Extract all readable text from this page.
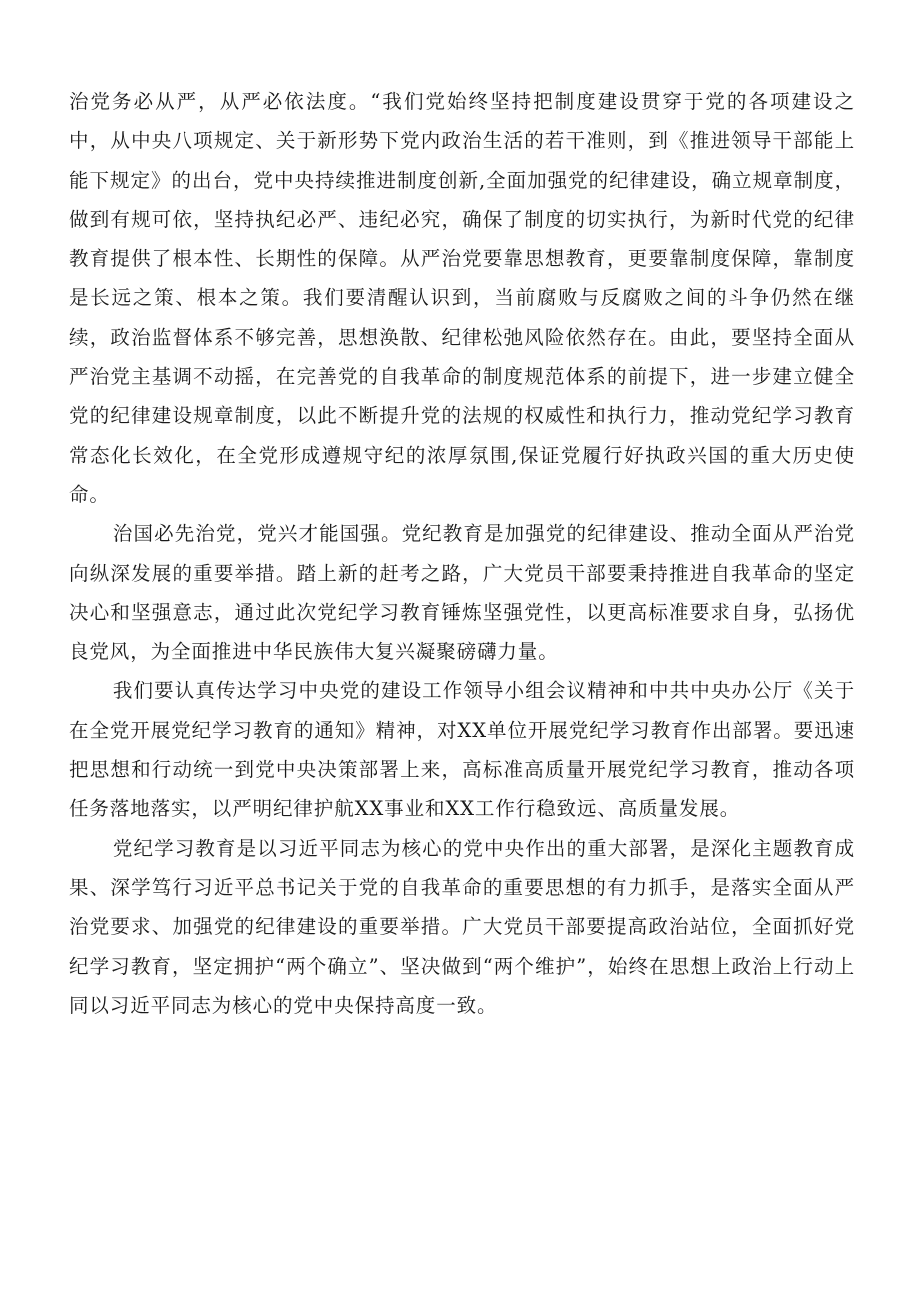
治党务必从严，从严必依法度。“我们党始终坚持把制度建设贯穿于党的各项建设之中，从中央八项规定、关于新形势下党内政治生活的若干准则，到《推进领导干部能上能下规定》的出台，党中央持续推进制度创新,全面加强党的纪律建设，确立规章制度，做到有规可依，坚持执纪必严、违纪必究，确保了制度的切实执行，为新时代党的纪律教育提供了根本性、长期性的保障。从严治党要靠思想教育，更要靠制度保障，靠制度是长远之策、根本之策。我们要清醒认识到，当前腐败与反腐败之间的斗争仍然在继续，政治监督体系不够完善，思想涣散、纪律松弛风险依然存在。由此，要坚持全面从严治党主基调不动摇，在完善党的自我革命的制度规范体系的前提下，进一步建立健全党的纪律建设规章制度，以此不断提升党的法规的权威性和执行力，推动党纪学习教育常态化长效化，在全党形成遵规守纪的浓厚氛围,保证党履行好执政兴国的重大历史使命。

治国必先治党，党兴才能国强。党纪教育是加强党的纪律建设、推动全面从严治党向纵深发展的重要举措。踏上新的赶考之路，广大党员干部要秉持推进自我革命的坚定决心和坚强意志，通过此次党纪学习教育锤炼坚强党性，以更高标准要求自身，弘扬优良党风，为全面推进中华民族伟大复兴凝聚磅礴力量。

我们要认真传达学习中央党的建设工作领导小组会议精神和中共中央办公厅《关于在全党开展党纪学习教育的通知》精神，对XX单位开展党纪学习教育作出部署。要迅速把思想和行动统一到党中央决策部署上来，高标准高质量开展党纪学习教育，推动各项任务落地落实，以严明纪律护航XX事业和XX工作行稳致远、高质量发展。

党纪学习教育是以习近平同志为核心的党中央作出的重大部署，是深化主题教育成果、深学笃行习近平总书记关于党的自我革命的重要思想的有力抓手，是落实全面从严治党要求、加强党的纪律建设的重要举措。广大党员干部要提高政治站位，全面抓好党纪学习教育，坚定拥护“两个确立”、坚决做到“两个维护”，始终在思想上政治上行动上同以习近平同志为核心的党中央保持高度一致。
